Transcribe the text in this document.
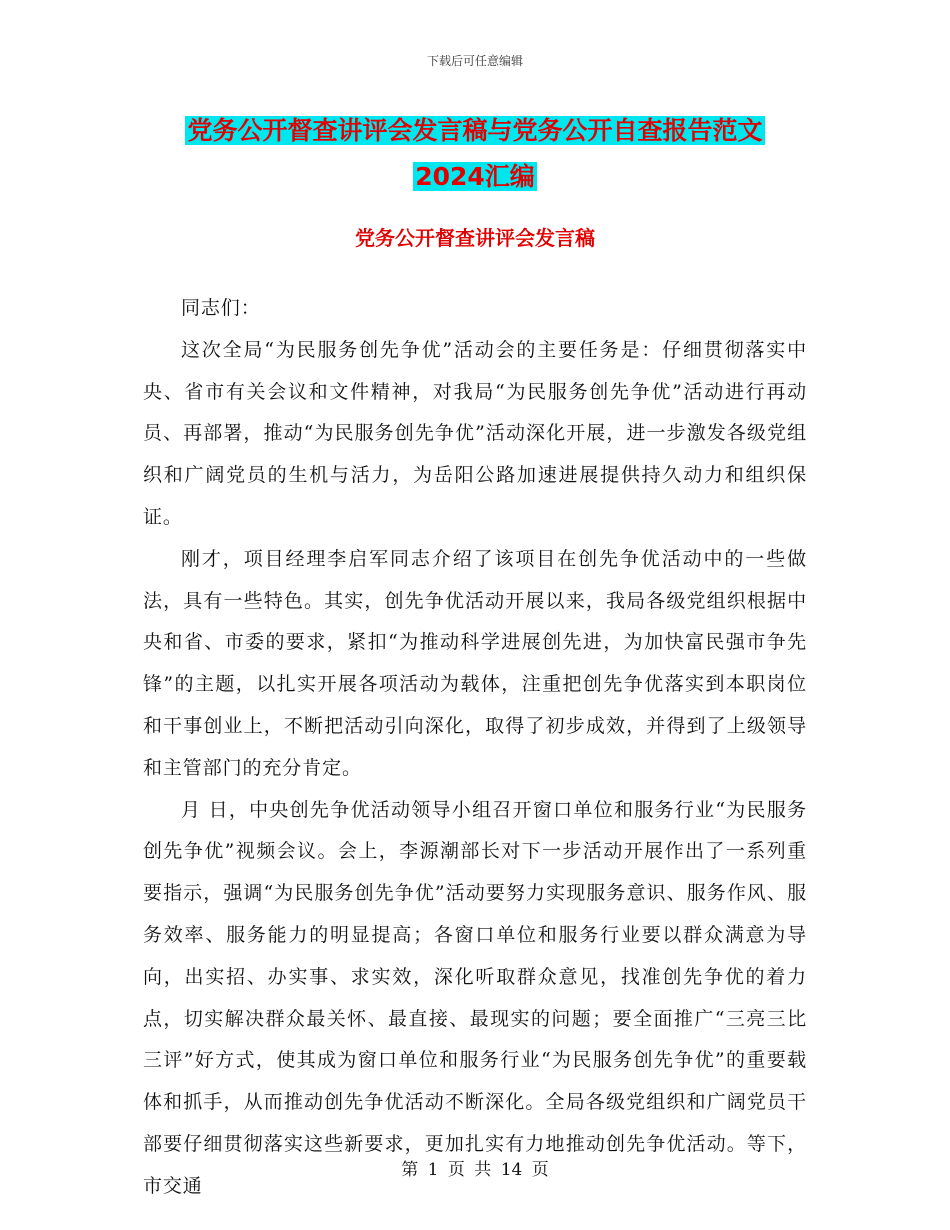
下载后可任意编辑
党务公开督查讲评会发言稿与党务公开自查报告范文
2024汇编
党务公开督查讲评会发言稿

同志们：

这次全局“为民服务创先争优”活动会的主要任务是：仔细贯彻落实中央、省市有关会议和文件精神，对我局“为民服务创先争优”活动进行再动员、再部署，推动“为民服务创先争优”活动深化开展，进一步激发各级党组织和广阔党员的生机与活力，为岳阳公路加速进展提供持久动力和组织保证。

刚才，项目经理李启军同志介绍了该项目在创先争优活动中的一些做法，具有一些特色。其实，创先争优活动开展以来，我局各级党组织根据中央和省、市委的要求，紧扣“为推动科学进展创先进，为加快富民强市争先锋”的主题，以扎实开展各项活动为载体，注重把创先争优落实到本职岗位和干事创业上，不断把活动引向深化，取得了初步成效，并得到了上级领导和主管部门的充分肯定。

月 日，中央创先争优活动领导小组召开窗口单位和服务行业“为民服务创先争优”视频会议。会上，李源潮部长对下一步活动开展作出了一系列重要指示，强调“为民服务创先争优”活动要努力实现服务意识、服务作风、服务效率、服务能力的明显提高；各窗口单位和服务行业要以群众满意为导向，出实招、办实事、求实效，深化听取群众意见，找准创先争优的着力点，切实解决群众最关怀、最直接、最现实的问题；要全面推广“三亮三比三评”好方式，使其成为窗口单位和服务行业“为民服务创先争优”的重要载体和抓手，从而推动创先争优活动不断深化。全局各级党组织和广阔党员干部要仔细贯彻落实这些新要求，更加扎实有力地推动创先争优活动。等下，市交通

第 1 页 共 14 页
